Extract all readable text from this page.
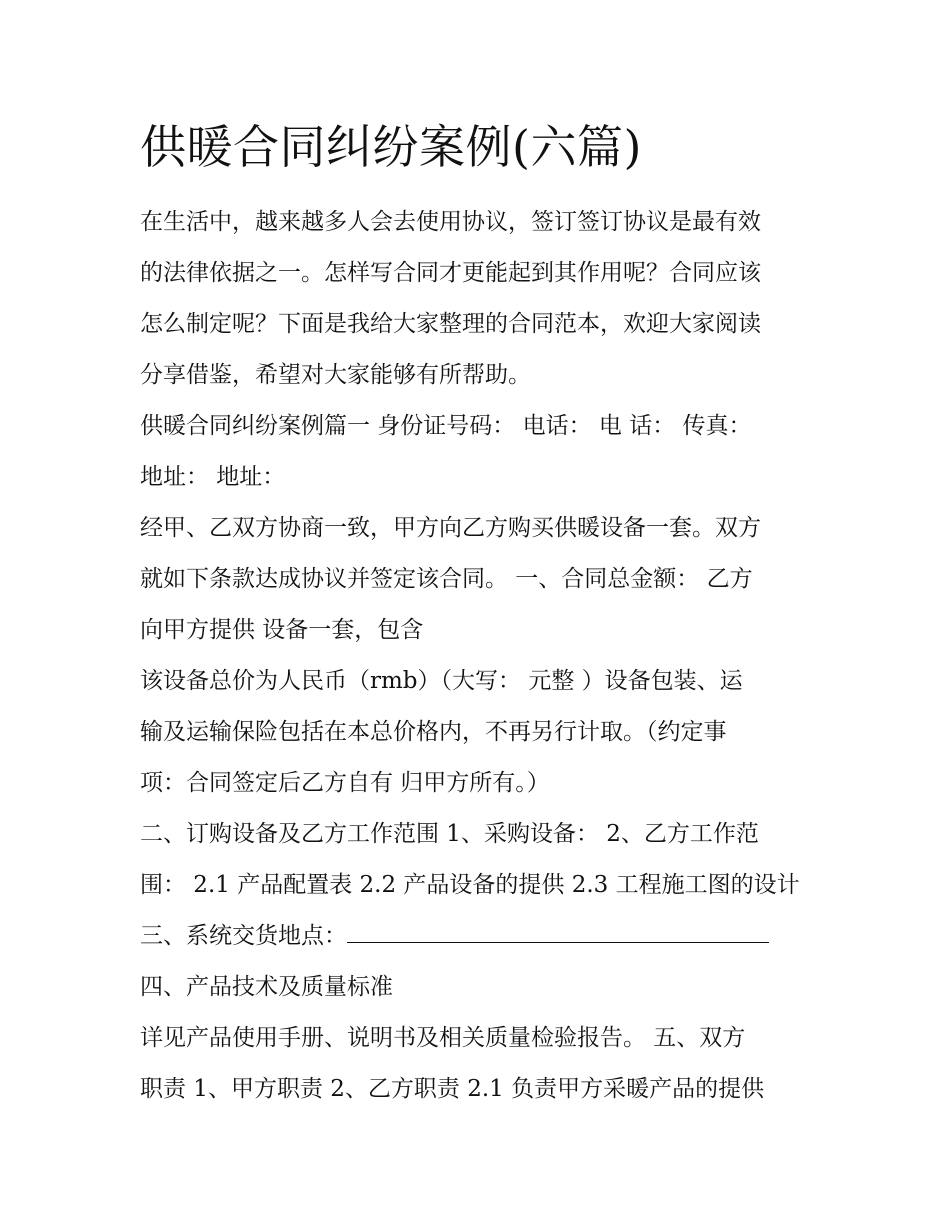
供暖合同纠纷案例(六篇)

在生活中，越来越多人会去使用协议，签订签订协议是最有效

的法律依据之一。怎样写合同才更能起到其作用呢？合同应该

怎么制定呢？下面是我给大家整理的合同范本，欢迎大家阅读

分享借鉴，希望对大家能够有所帮助。

供暖合同纠纷案例篇一 身份证号码： 电话： 电 话： 传真：

地址： 地址：

经甲、乙双方协商一致，甲方向乙方购买供暖设备一套。双方

就如下条款达成协议并签定该合同。 一、合同总金额： 乙方

向甲方提供 设备一套，包含

该设备总价为人民币（rmb）（大写： 元整 ）设备包装、运

输及运输保险包括在本总价格内，不再另行计取。（约定事

项：合同签定后乙方自有 归甲方所有。）

二、订购设备及乙方工作范围 1、采购设备： 2、乙方工作范

围： 2.1 产品配置表 2.2 产品设备的提供 2.3 工程施工图的设计

三、系统交货地点：

四、产品技术及质量标准

详见产品使用手册、说明书及相关质量检验报告。 五、双方

职责 1、甲方职责 2、乙方职责 2.1 负责甲方采暖产品的提供
